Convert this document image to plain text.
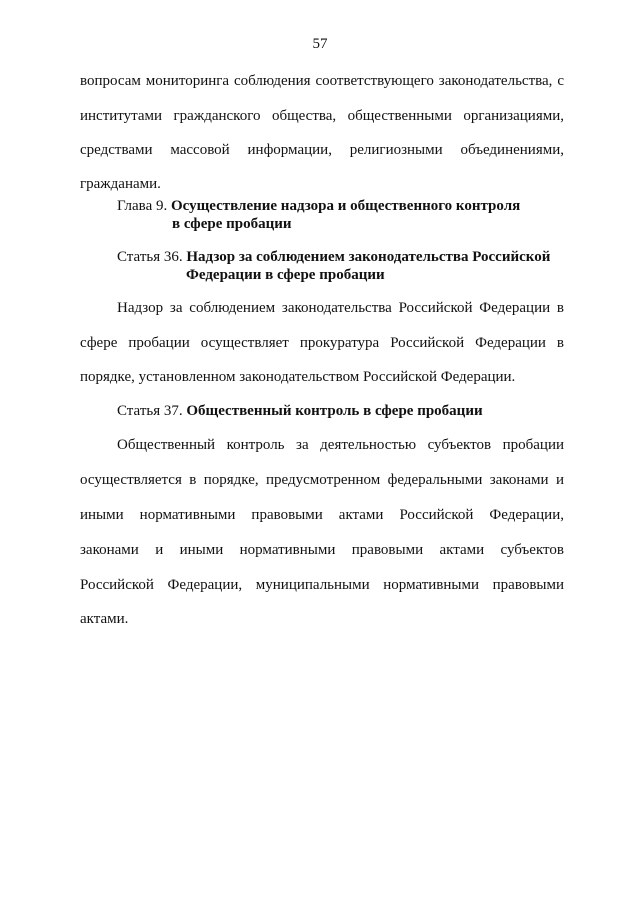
57
вопросам мониторинга соблюдения соответствующего законодательства, с
институтами гражданского общества, общественными организациями,
средствами массовой информации, религиозными объединениями,
гражданами.
Глава 9. Осуществление надзора и общественного контроля
в сфере пробации
Статья 36. Надзор за соблюдением законодательства Российской
Федерации в сфере пробации
Надзор за соблюдением законодательства Российской Федерации в
сфере пробации осуществляет прокуратура Российской Федерации в
порядке, установленном законодательством Российской Федерации.
Статья 37. Общественный контроль в сфере пробации
Общественный контроль за деятельностью субъектов пробации
осуществляется в порядке, предусмотренном федеральными законами и
иными нормативными правовыми актами Российской Федерации,
законами и иными нормативными правовыми актами субъектов
Российской Федерации, муниципальными нормативными правовыми
актами.
